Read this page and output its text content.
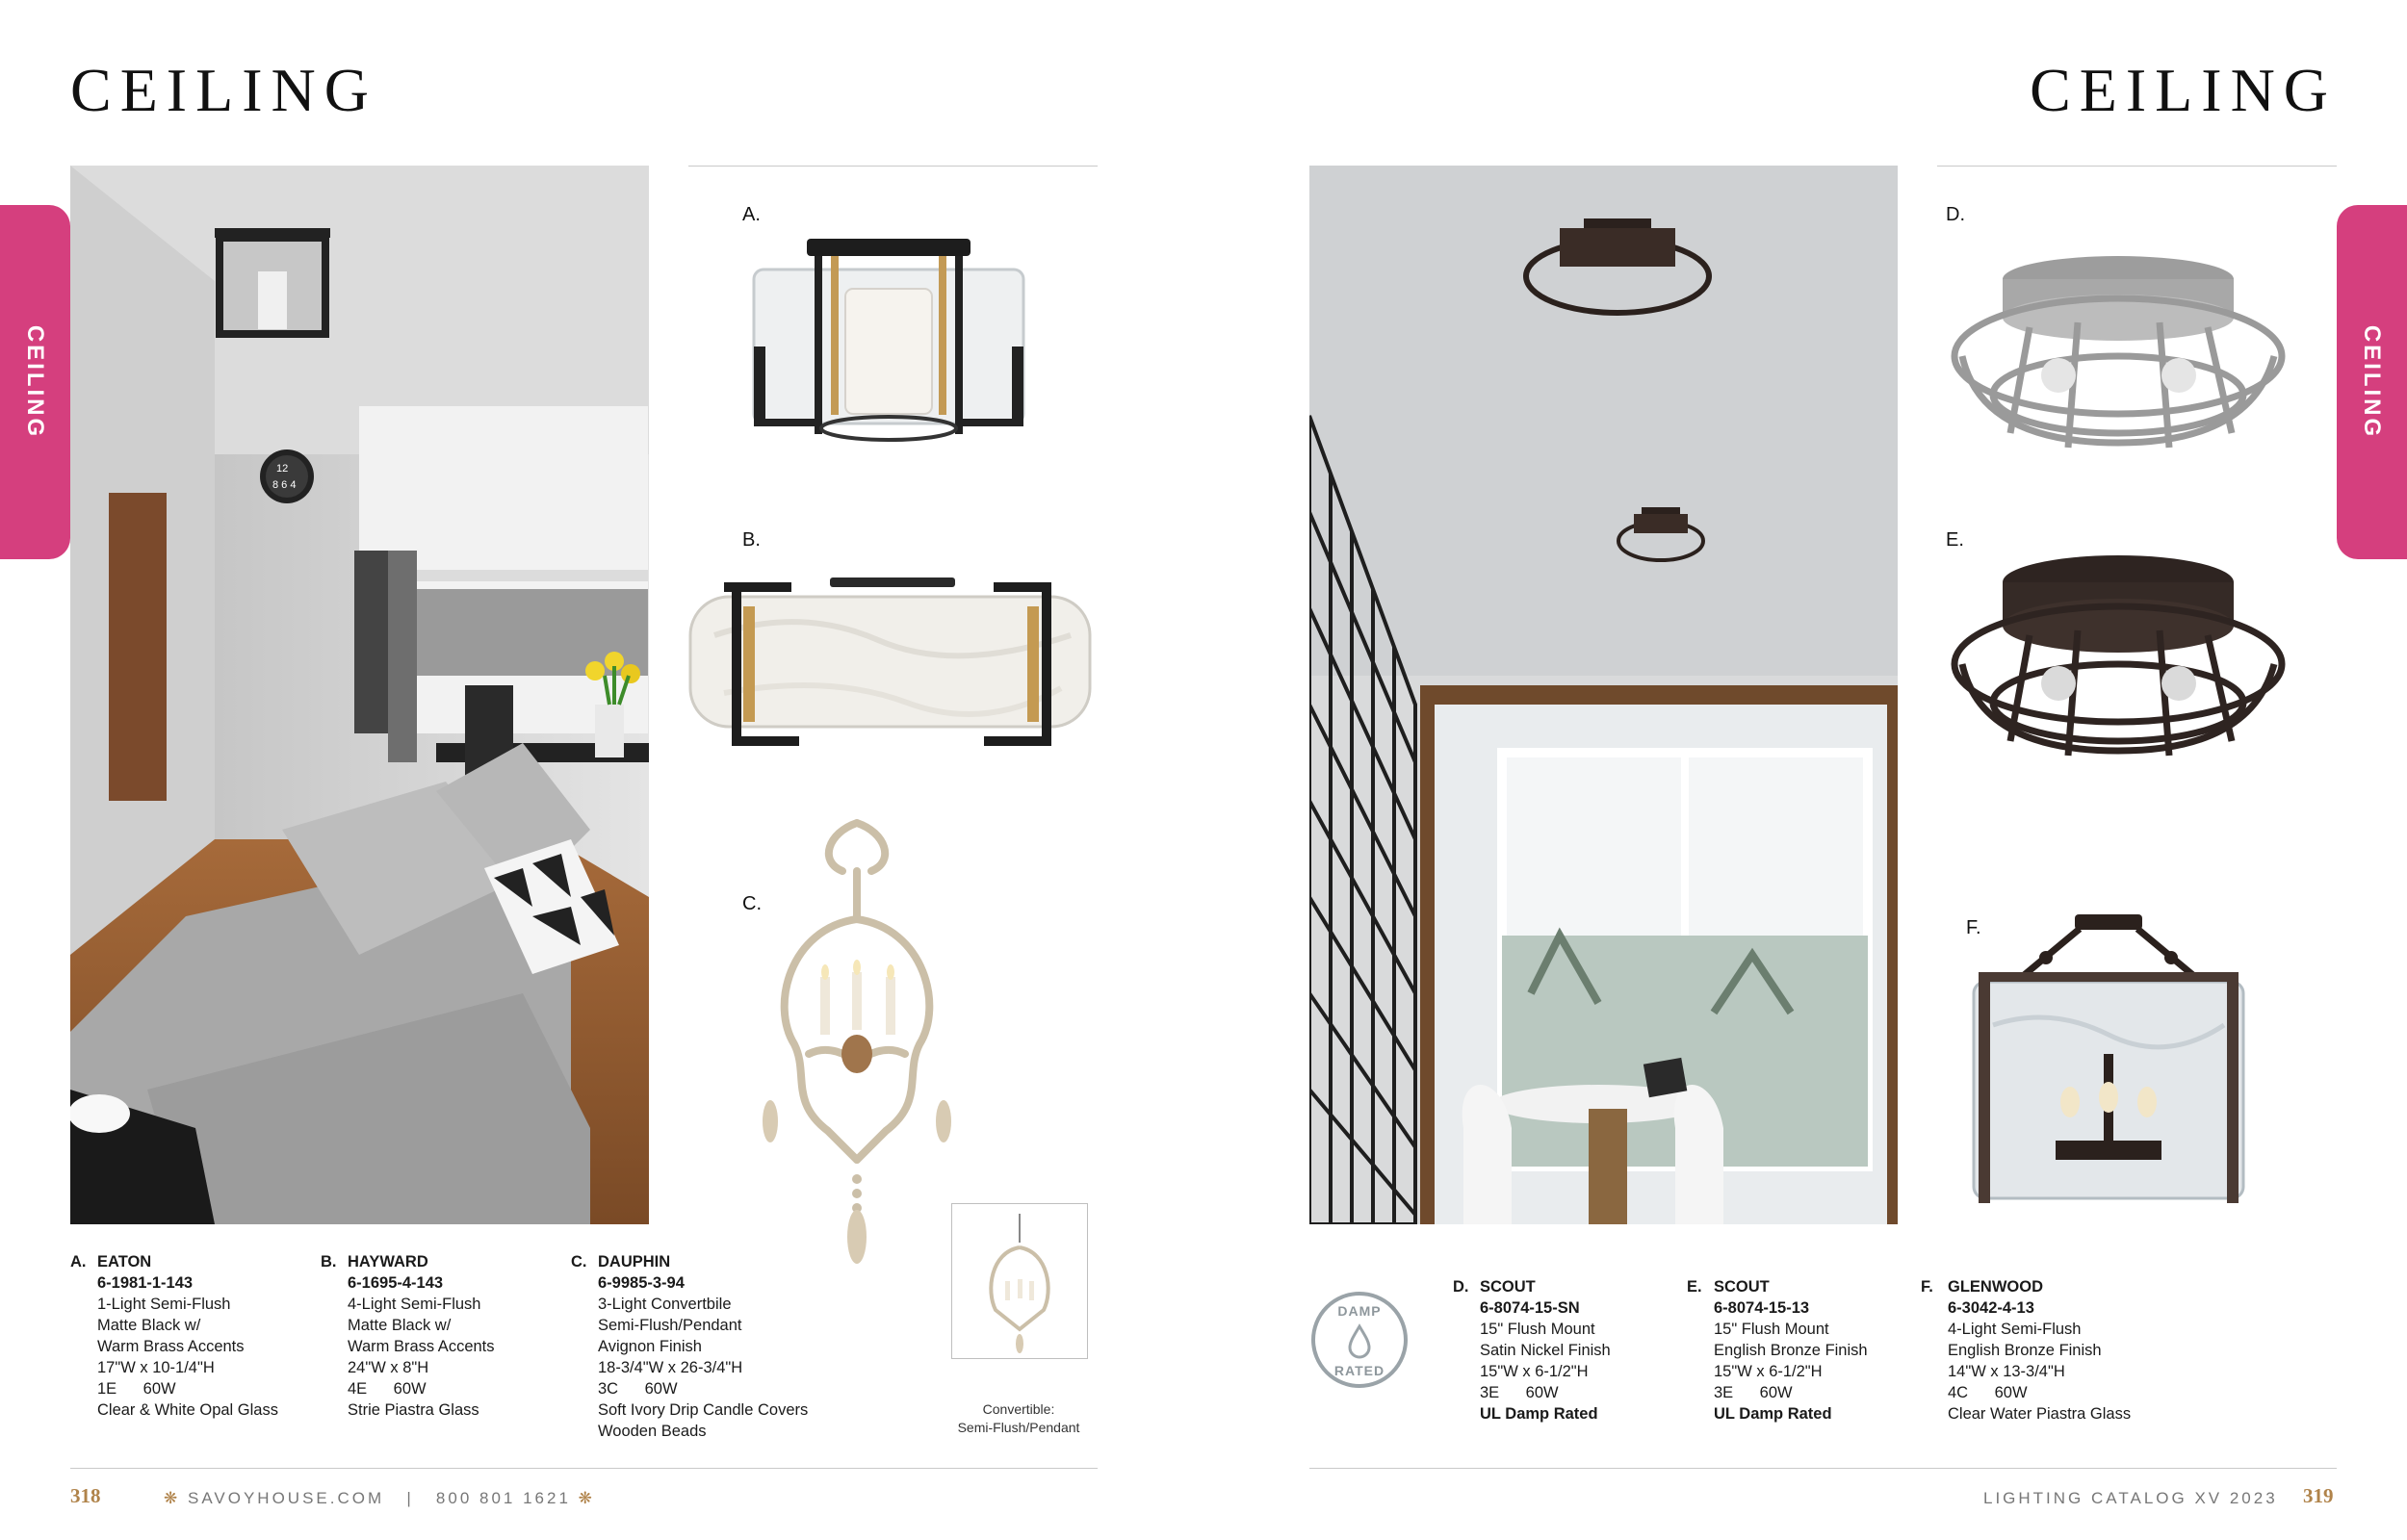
CEILING
CEILING
12
8 6 4
A.
B.
C.
Convertible:
Semi-Flush/Pendant
A. EATON
6-1981-1-143
1-Light Semi-Flush
Matte Black w/
Warm Brass Accents
17"W x 10-1/4"H
1E      60W
Clear & White Opal Glass
B. HAYWARD
6-1695-4-143
4-Light Semi-Flush
Matte Black w/
Warm Brass Accents
24"W x 8"H
4E      60W
Strie Piastra Glass
C. DAUPHIN
6-9985-3-94
3-Light Convertbile
Semi-Flush/Pendant
Avignon Finish
18-3/4"W x 26-3/4"H
3C      60W
Soft Ivory Drip Candle Covers
Wooden Beads
318	❋ SAVOYHOUSE.COM | 800 801 1621 ❋
CEILING
CEILING
D.
E.
F.
DAMP
RATED
D. SCOUT
6-8074-15-SN
15" Flush Mount
Satin Nickel Finish
15"W x 6-1/2"H
3E      60W
UL Damp Rated
E. SCOUT
6-8074-15-13
15" Flush Mount
English Bronze Finish
15"W x 6-1/2"H
3E      60W
UL Damp Rated
F. GLENWOOD
6-3042-4-13
4-Light Semi-Flush
English Bronze Finish
14"W x 13-3/4"H
4C      60W
Clear Water Piastra Glass
LIGHTING CATALOG XV 2023 319
